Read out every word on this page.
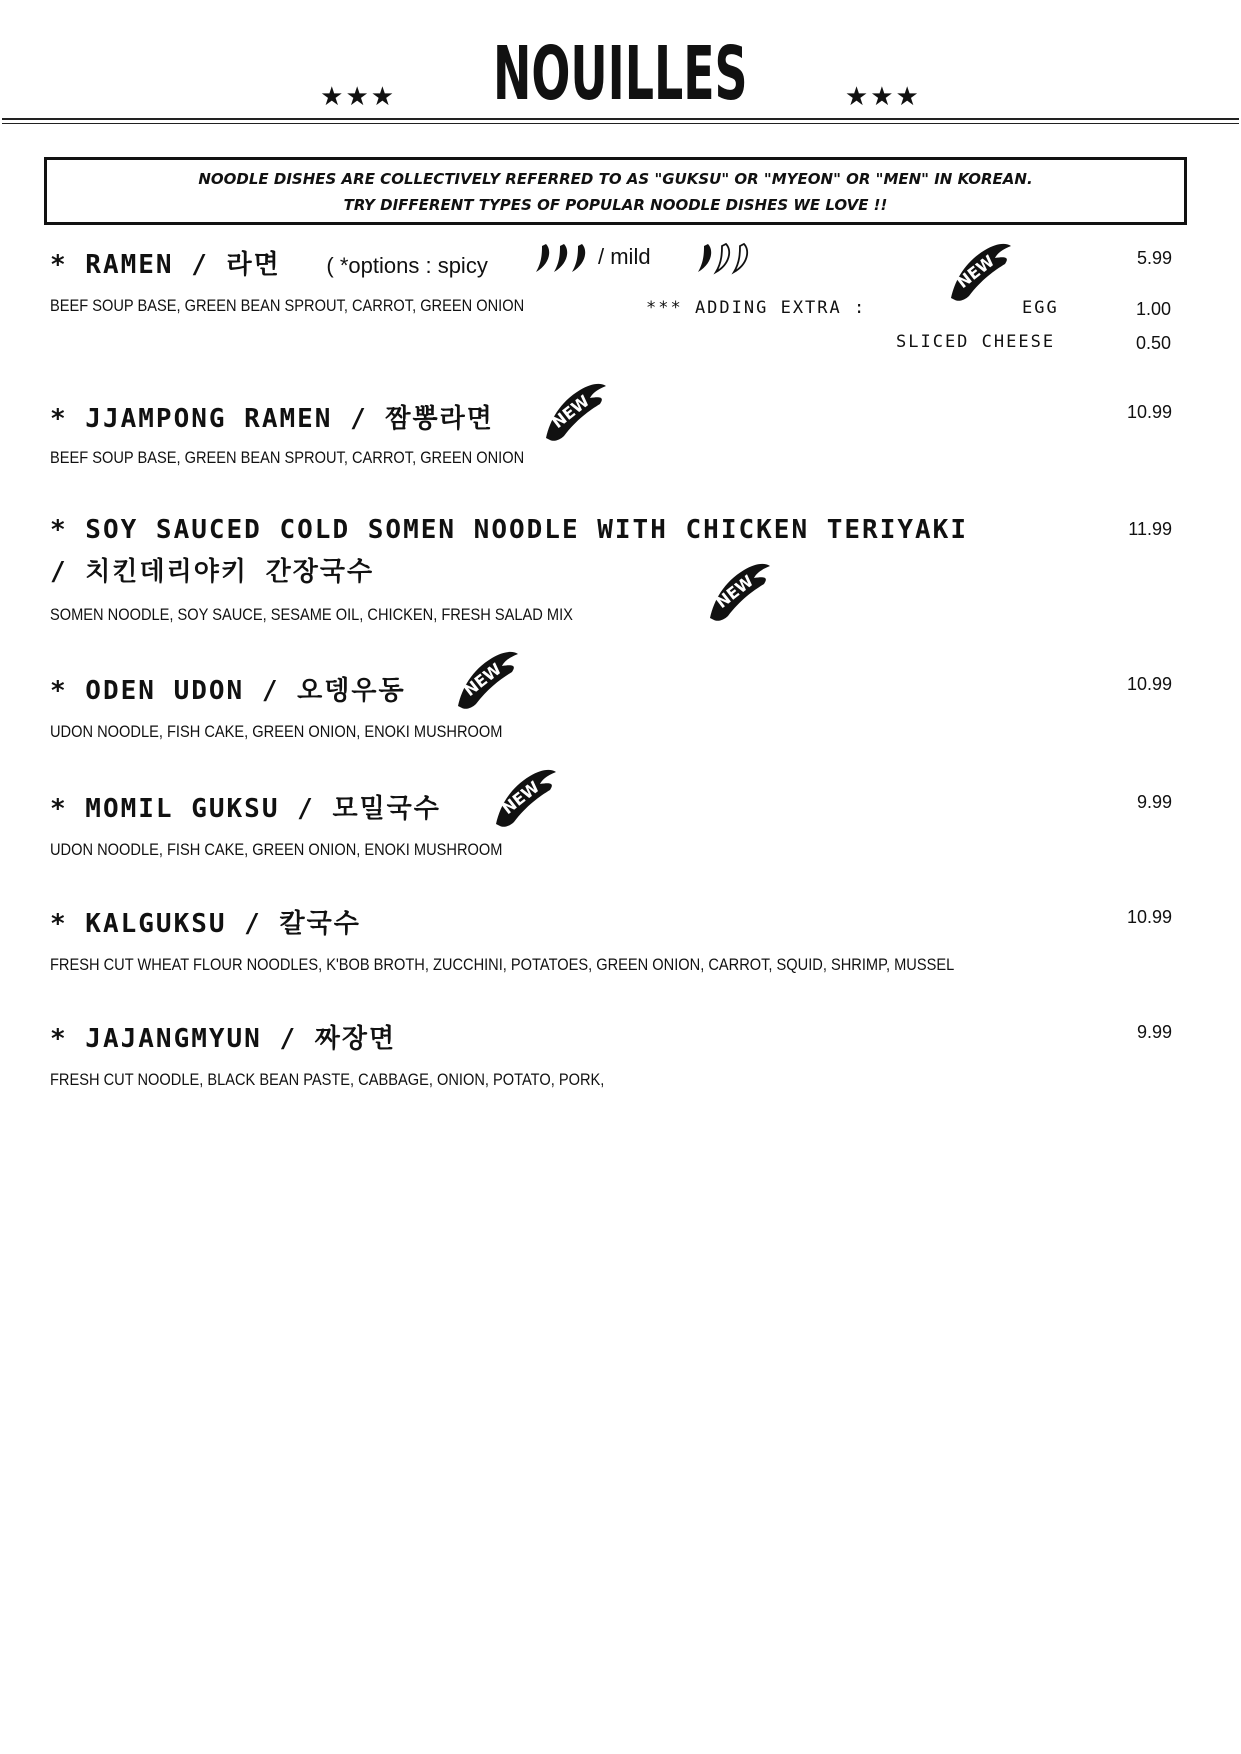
★★★ NOUILLES	★★★
NOODLE DISHES ARE COLLECTIVELY REFERRED TO AS "GUKSU" OR "MYEON" OR "MEN" IN KOREAN.
TRY DIFFERENT TYPES OF POPULAR NOODLE DISHES WE LOVE !!
* RAMEN / 라면 ( *options : spicy	/ mild	5.99
BEEF SOUP BASE, GREEN BEAN SPROUT, CARROT, GREEN ONION	*** ADDING EXTRA :	EGG	1.00
SLICED CHEESE	0.50
NEW
* JJAMPONG RAMEN / 짬뽕라면	10.99
BEEF SOUP BASE, GREEN BEAN SPROUT, CARROT, GREEN ONION
NEW
* SOY SAUCED COLD SOMEN NOODLE WITH CHICKEN TERIYAKI
/ 치킨데리야키 간장국수
11.99
SOMEN NOODLE, SOY SAUCE, SESAME OIL, CHICKEN, FRESH SALAD MIX
NEW
* ODEN UDON / 오뎅우동	10.99
UDON NOODLE, FISH CAKE, GREEN ONION, ENOKI MUSHROOM
NEW
* MOMIL GUKSU / 모밀국수	9.99
UDON NOODLE, FISH CAKE, GREEN ONION, ENOKI MUSHROOM
NEW
* KALGUKSU / 칼국수	10.99
FRESH CUT WHEAT FLOUR NOODLES, K'BOB BROTH, ZUCCHINI, POTATOES, GREEN ONION, CARROT, SQUID, SHRIMP, MUSSEL
* JAJANGMYUN / 짜장면	9.99
FRESH CUT NOODLE, BLACK BEAN PASTE, CABBAGE, ONION, POTATO, PORK,
